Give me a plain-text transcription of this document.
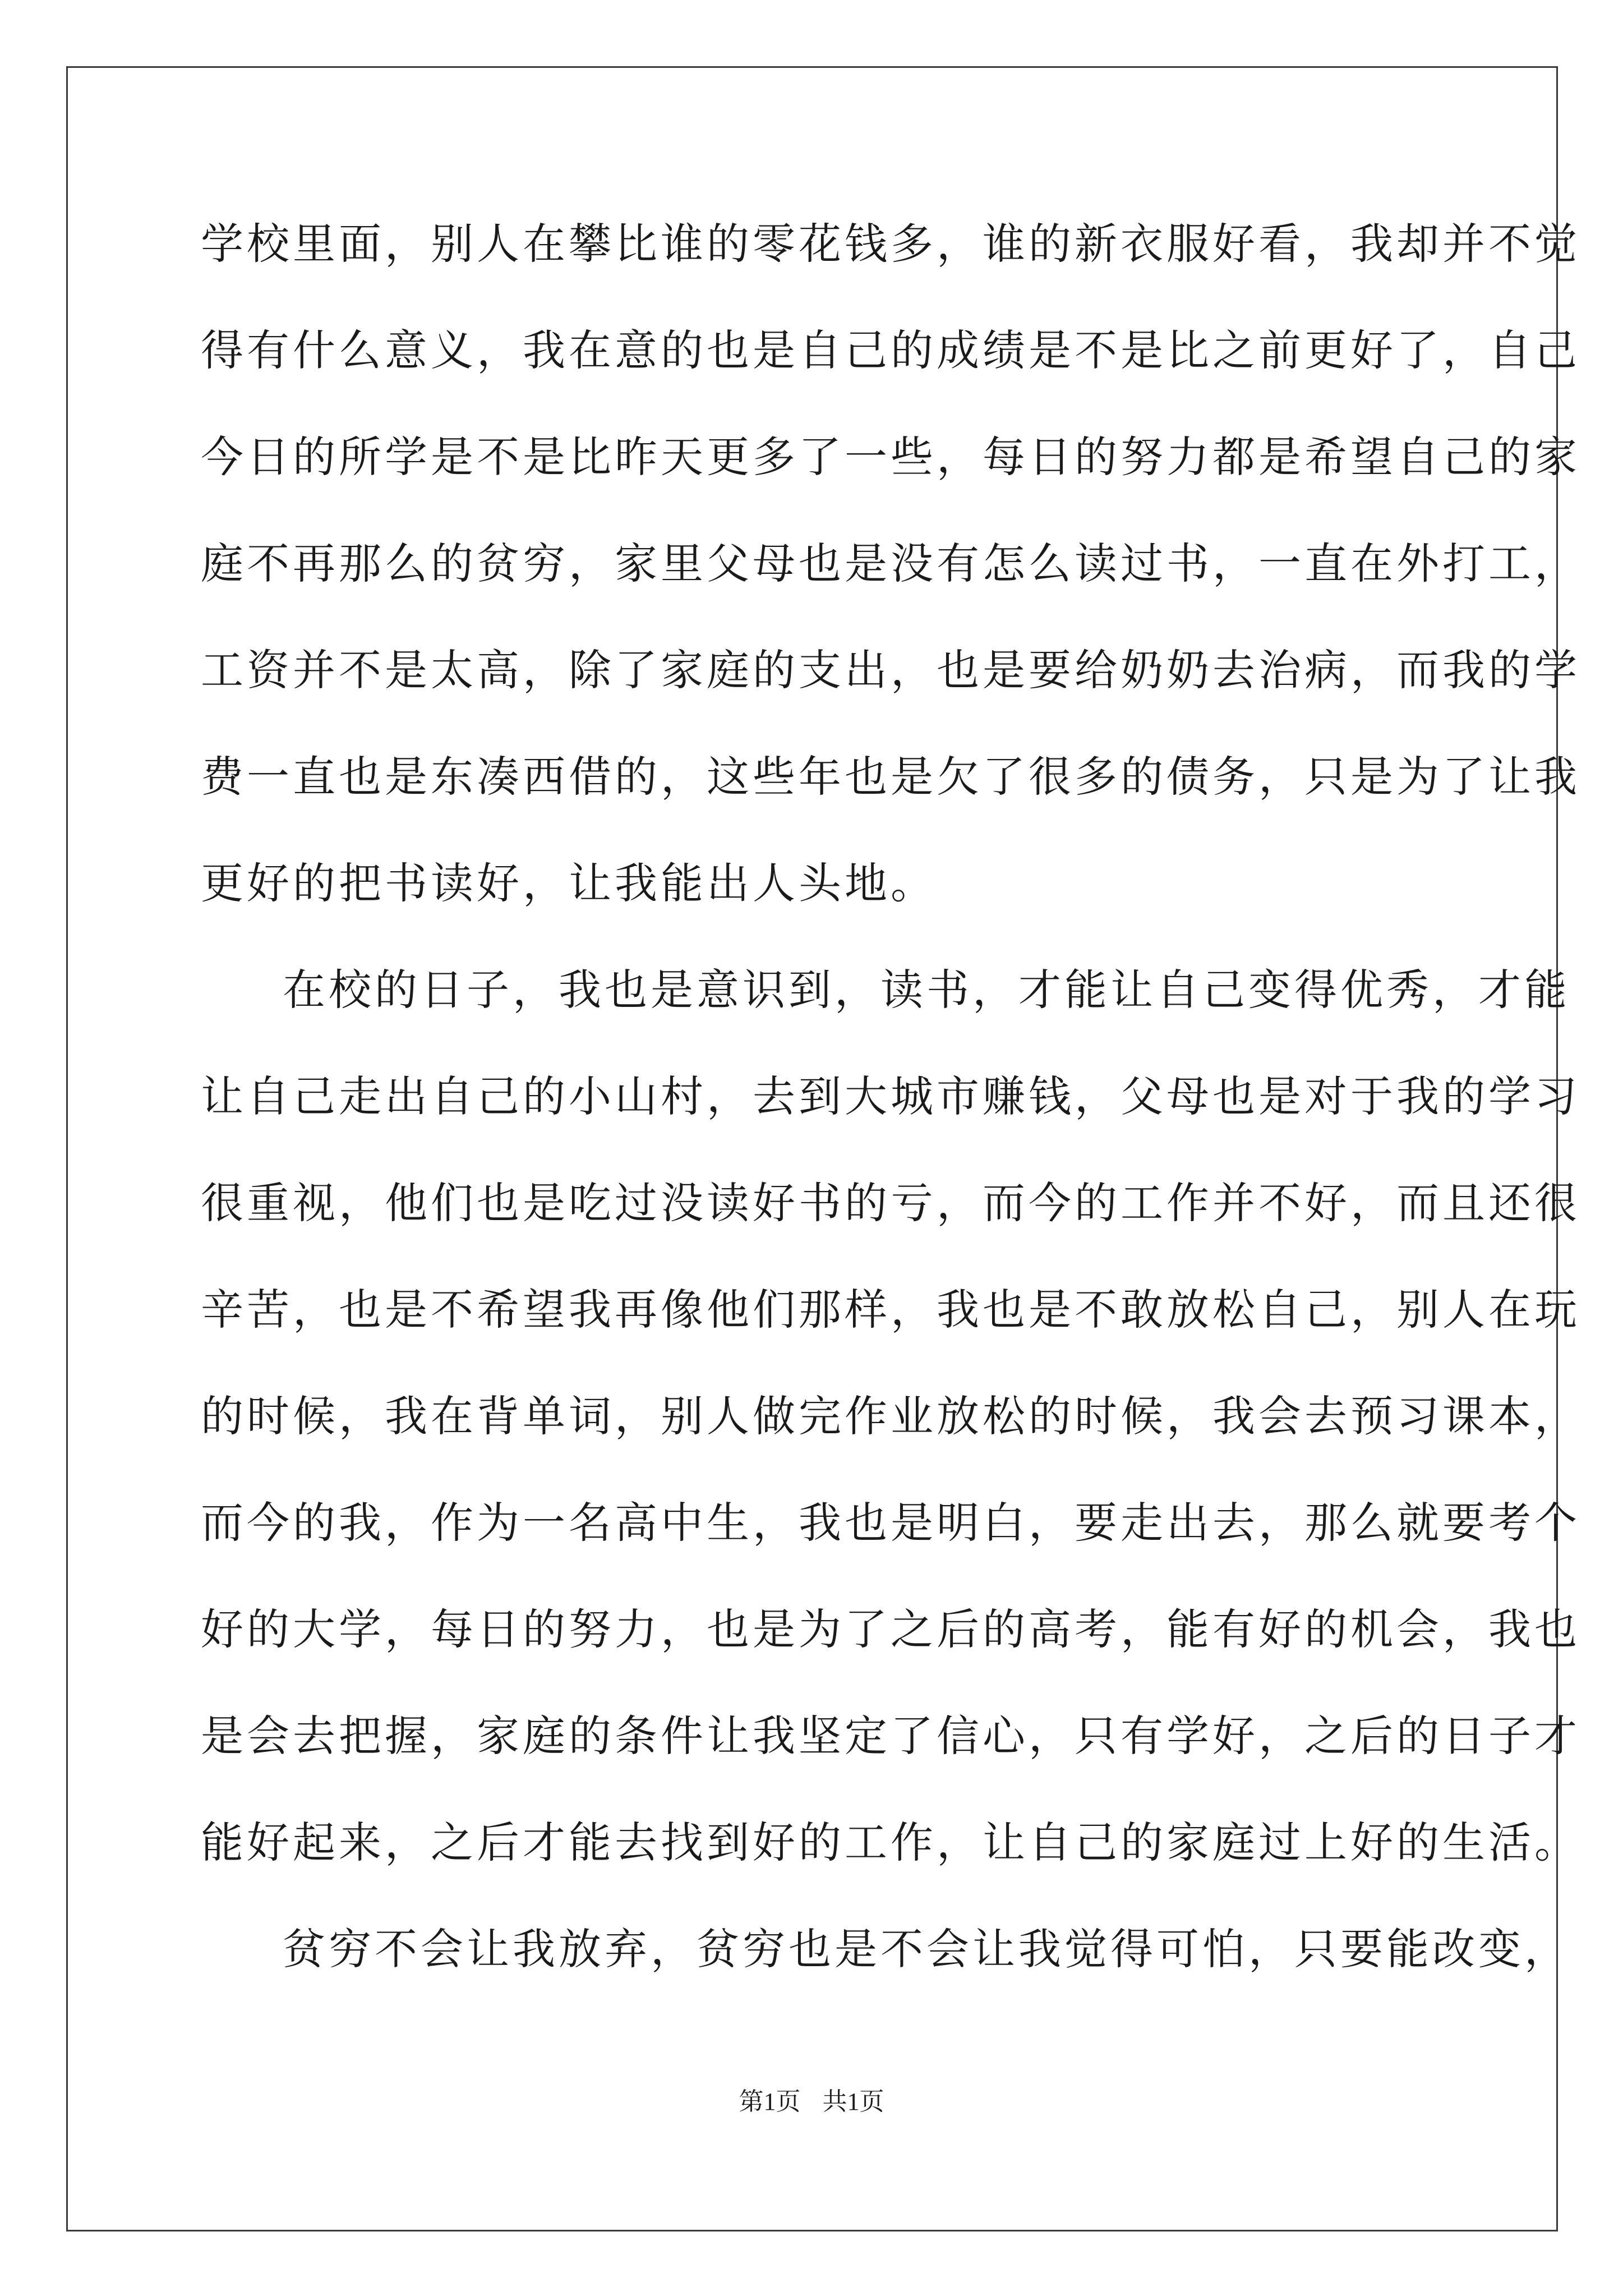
学校里面，别人在攀比谁的零花钱多，谁的新衣服好看，我却并不觉
得有什么意义，我在意的也是自己的成绩是不是比之前更好了，自己
今日的所学是不是比昨天更多了一些，每日的努力都是希望自己的家
庭不再那么的贫穷，家里父母也是没有怎么读过书，一直在外打工，
工资并不是太高，除了家庭的支出，也是要给奶奶去治病，而我的学
费一直也是东凑西借的，这些年也是欠了很多的债务，只是为了让我
更好的把书读好，让我能出人头地。
在校的日子，我也是意识到，读书，才能让自己变得优秀，才能
让自己走出自己的小山村，去到大城市赚钱，父母也是对于我的学习
很重视，他们也是吃过没读好书的亏，而今的工作并不好，而且还很
辛苦，也是不希望我再像他们那样，我也是不敢放松自己，别人在玩
的时候，我在背单词，别人做完作业放松的时候，我会去预习课本，
而今的我，作为一名高中生，我也是明白，要走出去，那么就要考个
好的大学，每日的努力，也是为了之后的高考，能有好的机会，我也
是会去把握，家庭的条件让我坚定了信心，只有学好，之后的日子才
能好起来，之后才能去找到好的工作，让自己的家庭过上好的生活。
贫穷不会让我放弃，贫穷也是不会让我觉得可怕，只要能改变，
第1页 共1页
